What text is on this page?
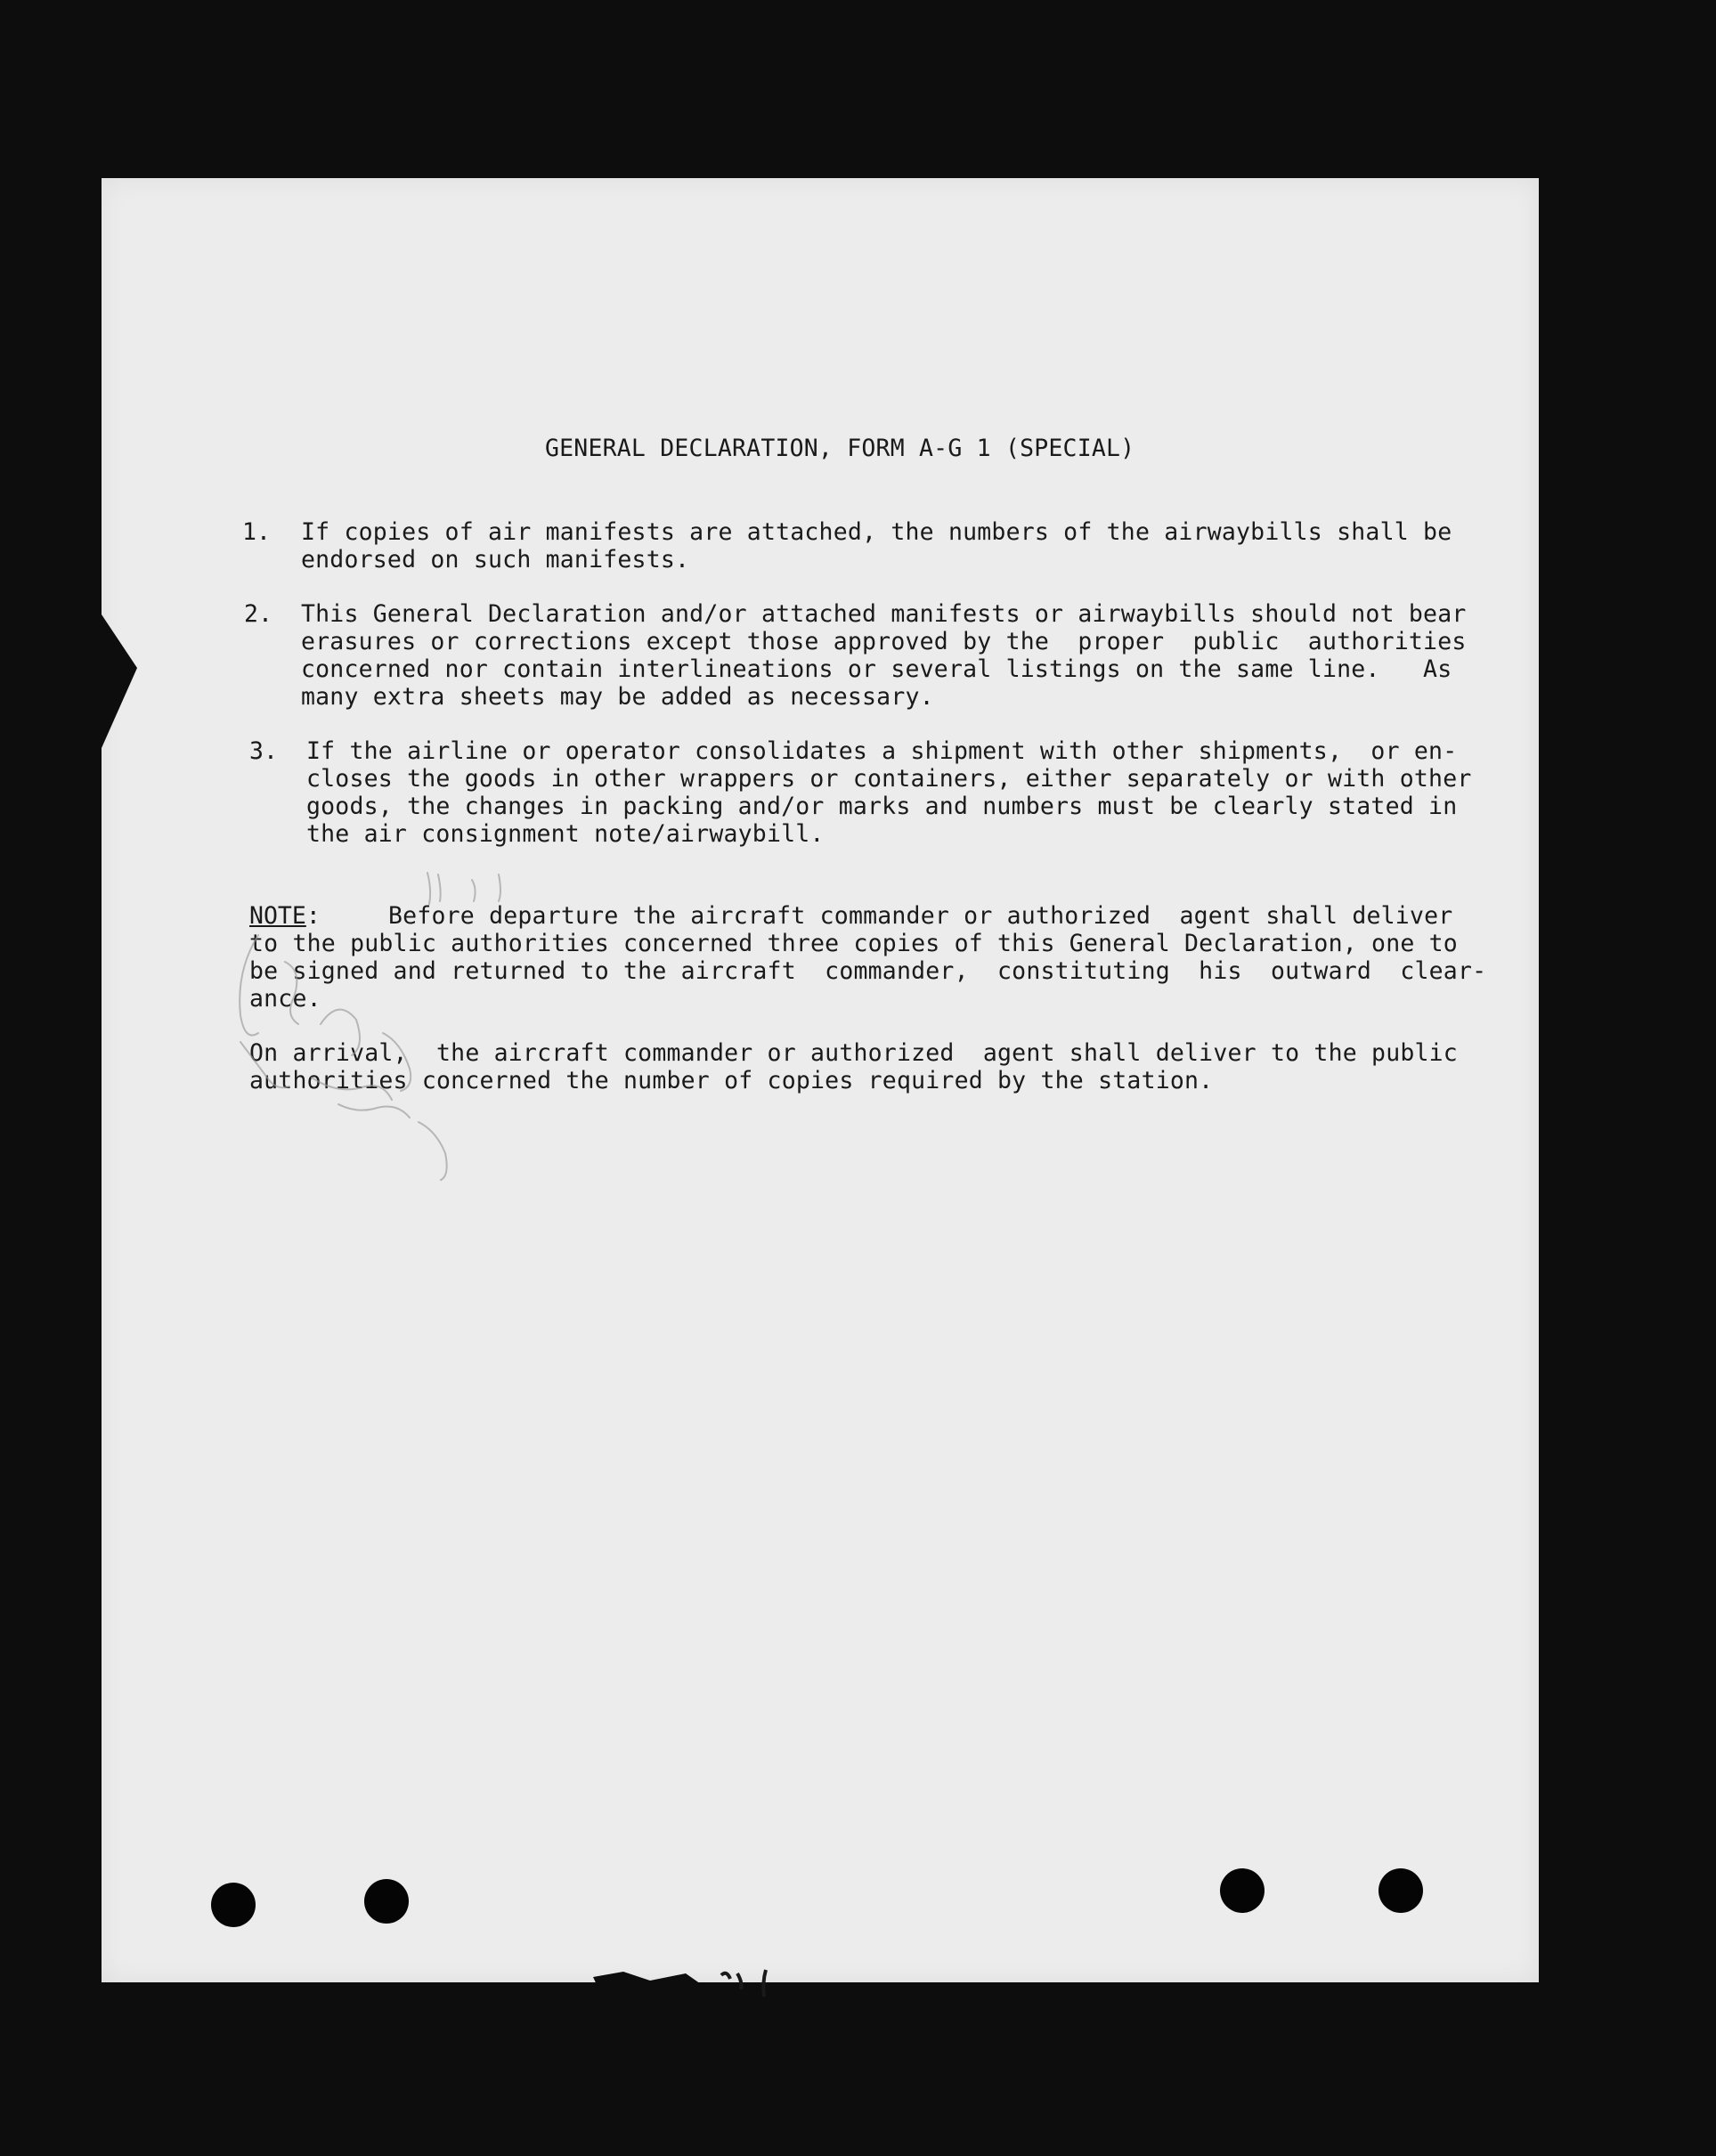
GENERAL DECLARATION, FORM A-G 1 (SPECIAL)
1. If copies of air manifests are attached, the numbers of the airwaybills shall be
endorsed on such manifests.
2. This General Declaration and/or attached manifests or airwaybills should not bear
erasures or corrections except those approved by the  proper  public  authorities
concerned nor contain interlineations or several listings on the same line.   As
many extra sheets may be added as necessary.
3. If the airline or operator consolidates a shipment with other shipments,  or en-
closes the goods in other wrappers or containers, either separately or with other
goods, the changes in packing and/or marks and numbers must be clearly stated in
the air consignment note/airwaybill.
NOTE:	Before departure the aircraft commander or authorized  agent shall deliver
to the public authorities concerned three copies of this General Declaration, one to
be signed and returned to the aircraft  commander,  constituting  his  outward  clear-
ance.
On arrival,  the aircraft commander or authorized  agent shall deliver to the public
authorities concerned the number of copies required by the station.
